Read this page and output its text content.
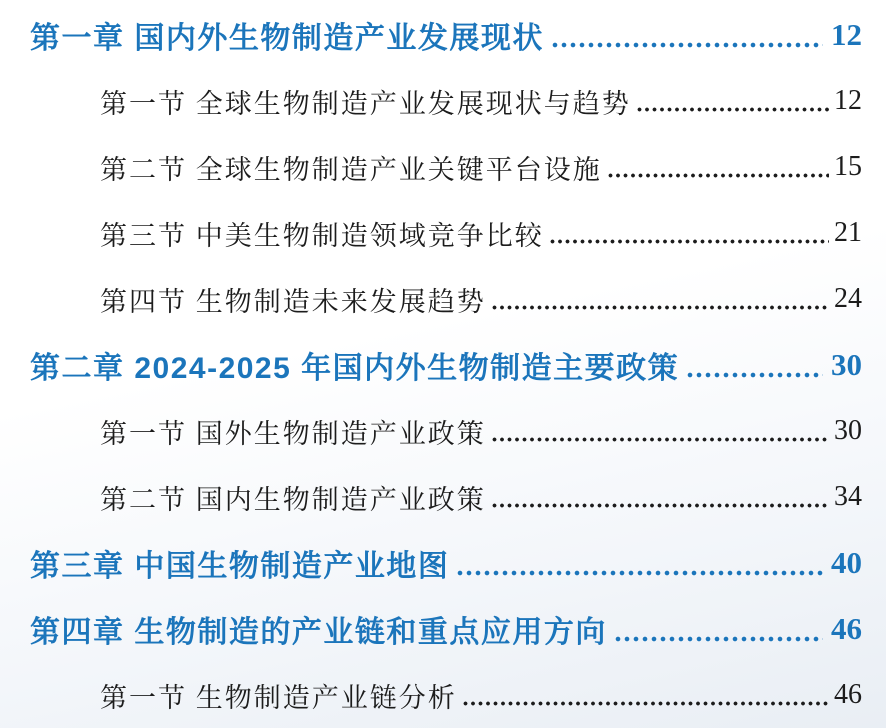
第一章 国内外生物制造产业发展现状	12
第一节 全球生物制造产业发展现状与趋势	12
第二节 全球生物制造产业关键平台设施	15
第三节 中美生物制造领域竞争比较	21
第四节 生物制造未来发展趋势	24
第二章 2024-2025 年国内外生物制造主要政策	30
第一节 国外生物制造产业政策	30
第二节 国内生物制造产业政策	34
第三章 中国生物制造产业地图	40
第四章 生物制造的产业链和重点应用方向	46
第一节 生物制造产业链分析	46
